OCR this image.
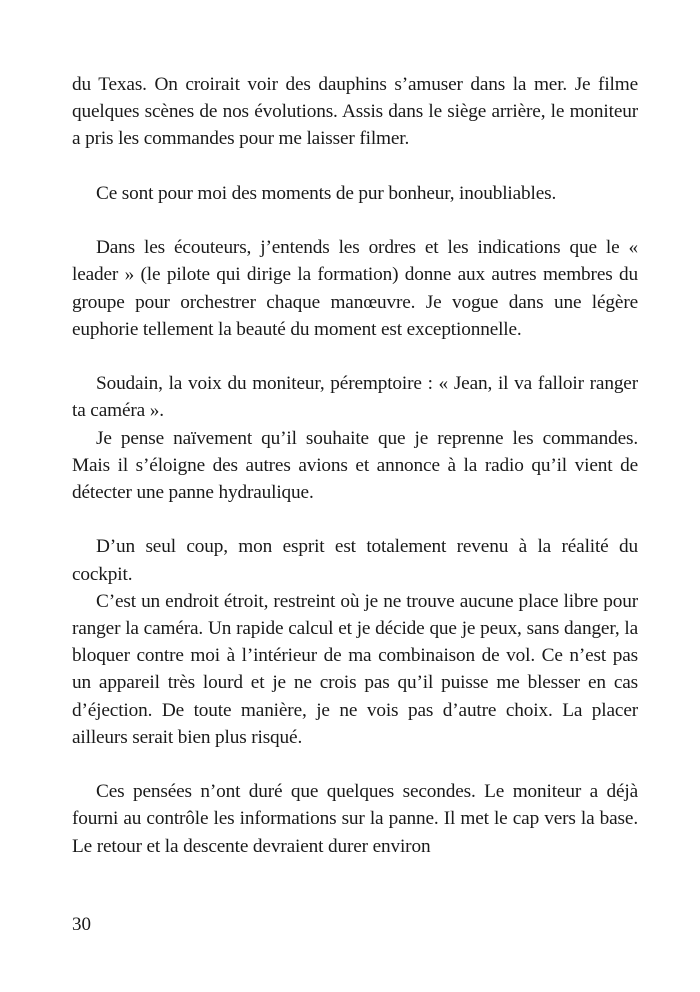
du Texas. On croirait voir des dauphins s’amuser dans la mer. Je filme quelques scènes de nos évolutions. Assis dans le siège arrière, le moniteur a pris les commandes pour me laisser filmer.

Ce sont pour moi des moments de pur bonheur, inoubliables.

Dans les écouteurs, j’entends les ordres et les indications que le « leader » (le pilote qui dirige la formation) donne aux autres membres du groupe pour orchestrer chaque manœuvre. Je vogue dans une légère euphorie tellement la beauté du moment est exceptionnelle.

Soudain, la voix du moniteur, péremptoire : « Jean, il va falloir ranger ta caméra ».

Je pense naïvement qu’il souhaite que je reprenne les commandes. Mais il s’éloigne des autres avions et annonce à la radio qu’il vient de détecter une panne hydraulique.

D’un seul coup, mon esprit est totalement revenu à la réalité du cockpit.

C’est un endroit étroit, restreint où je ne trouve aucune place libre pour ranger la caméra. Un rapide calcul et je décide que je peux, sans danger, la bloquer contre moi à l’intérieur de ma combinaison de vol. Ce n’est pas un appareil très lourd et je ne crois pas qu’il puisse me blesser en cas d’éjection. De toute manière, je ne vois pas d’autre choix. La placer ailleurs serait bien plus risqué.

Ces pensées n’ont duré que quelques secondes. Le moniteur a déjà fourni au contrôle les informations sur la panne. Il met le cap vers la base. Le retour et la descente devraient durer environ

30
